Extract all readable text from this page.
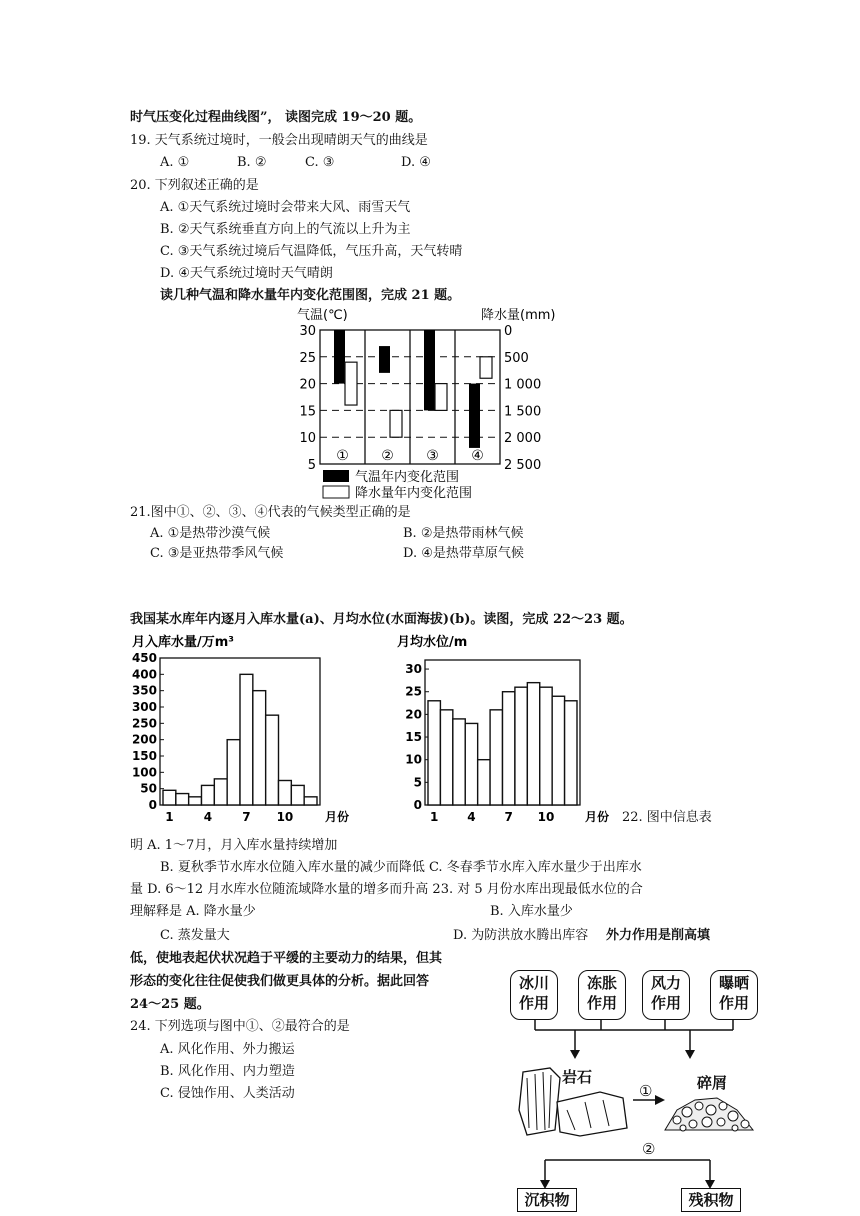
时气压变化过程曲线图”， 读图完成 19～20 题。
19. 天气系统过境时，一般会出现晴朗天气的曲线是
A. ①	B. ②	C. ③	D. ④
20. 下列叙述正确的是
A. ①天气系统过境时会带来大风、雨雪天气
B. ②天气系统垂直方向上的气流以上升为主
C. ③天气系统过境后气温降低，气压升高，天气转晴
D. ④天气系统过境时天气晴朗
读几种气温和降水量年内变化范围图，完成 21 题。
气温(℃)	降水量(mm)
30	0
25	500
20	1 000
15	1 500
10	2 000
5	2 500
① ② ③ ④
气温年内变化范围
降水量年内变化范围
21.图中①、②、③、④代表的气候类型正确的是
A. ①是热带沙漠气候	B. ②是热带雨林气候
C. ③是亚热带季风气候	D. ④是热带草原气候
我国某水库年内逐月入库水量(a)、月均水位(水面海拔)(b)。读图，完成 22～23 题。
月入库水量/万m³
450
400
350
300
250
200
150
100
50
0
1	4	7 10	月份
月均水位/m
30
25
20
15
10
5
0
1 4 7 10	月份 22. 图中信息表
明 A. 1～7月，月入库水量持续增加
B. 夏秋季节水库水位随入库水量的减少而降低 C. 冬春季节水库入库水量少于出库水
量 D. 6～12 月水库水位随流域降水量的增多而升高 23. 对 5 月份水库出现最低水位的合
理解释是 A. 降水量少	B. 入库水量少
C. 蒸发量大	D. 为防洪放水腾出库容 外力作用是削高填
低，使地表起伏状况趋于平缓的主要动力的结果，但其
形态的变化往往促使我们做更具体的分析。据此回答
24～25 题。
24. 下列选项与图中①、②最符合的是
A. 风化作用、外力搬运
B. 风化作用、内力塑造
C. 侵蚀作用、人类活动
冰川
作用
冻胀
作用
风力
作用
曝晒
作用
岩石	碎屑
①
②
沉积物	残积物
